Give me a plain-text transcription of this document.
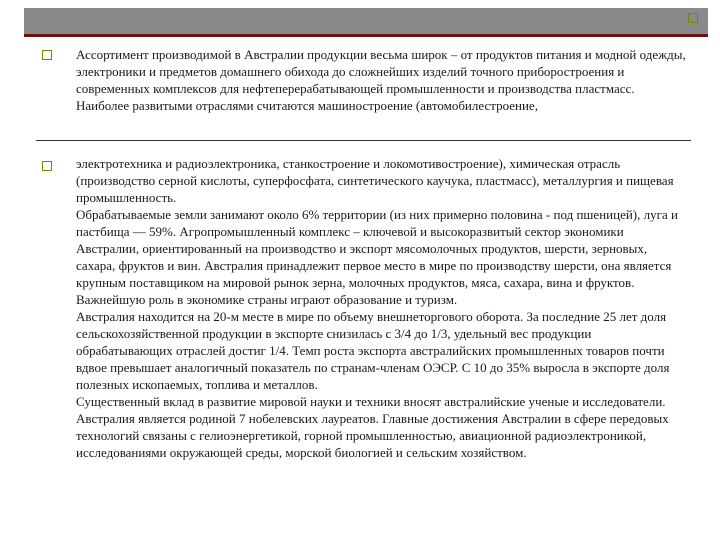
Ассортимент производимой в Австралии продукции весьма широк – от продуктов питания и модной одежды, электроники и предметов домашнего обихода до сложнейших изделий точного приборостроения и современных комплексов для нефтеперерабатывающей промышленности и производства пластмасс.

Наиболее развитыми отраслями считаются машиностроение (автомобилестроение,

электротехника и радиоэлектроника, станкостроение и локомотивостроение), химическая отрасль (производство серной кислоты, суперфосфата, синтетического каучука, пластмасс), металлургия и пищевая промышленность.

Обрабатываемые земли занимают около 6% территории (из них примерно половина - под пшеницей), луга и пастбища — 59%. Агропромышленный комплекс – ключевой и высокоразвитый сектор экономики Австралии, ориентированный на производство и экспорт мясомолочных продуктов, шерсти, зерновых, сахара, фруктов и вин. Австралия принадлежит первое место в мире по производству шерсти, она является крупным поставщиком на мировой рынок зерна, молочных продуктов, мяса, сахара, вина и фруктов.

Важнейшую роль в экономике страны играют образование и туризм.

Австралия находится на 20-м месте в мире по объему внешнеторгового оборота. За последние 25 лет доля сельскохозяйственной продукции в экспорте снизилась с 3/4 до 1/3, удельный вес продукции обрабатывающих отраслей достиг 1/4. Темп роста экспорта австралийских промышленных товаров почти вдвое превышает аналогичный показатель по странам-членам ОЭСР. С 10 до 35% выросла в экспорте доля полезных ископаемых, топлива и металлов.

Существенный вклад в развитие мировой науки и техники вносят австралийские ученые и исследователи. Австралия является родиной 7 нобелевских лауреатов. Главные достижения Австралии в сфере передовых технологий связаны с гелиоэнергетикой, горной промышленностью, авиационной радиоэлектроникой, исследованиями окружающей среды, морской биологией и сельским хозяйством.
